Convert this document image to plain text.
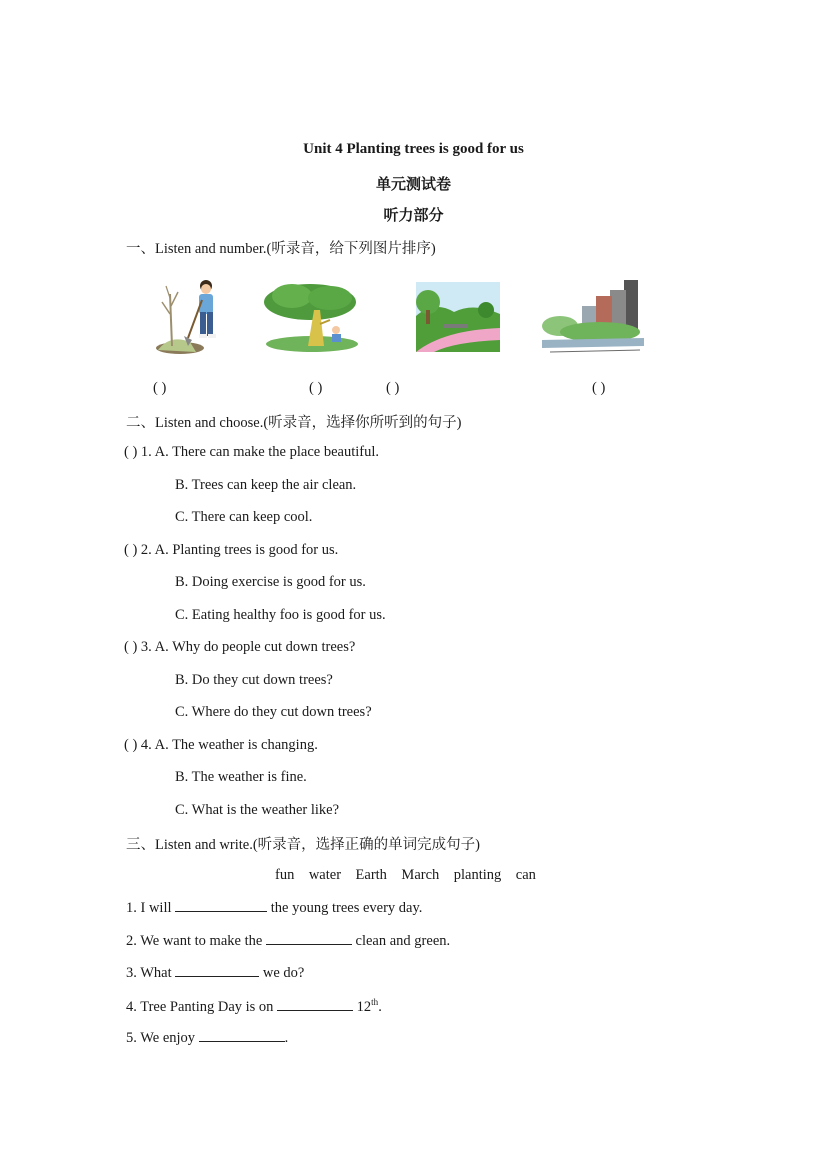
Unit 4 Planting trees is good for us
单元测试卷
听力部分
一、Listen and number.(听录音，给下列图片排序)
( )	( )	( )	( )
二、Listen and choose.(听录音，选择你所听到的句子)
( ) 1. A. There can make the place beautiful.
B. Trees can keep the air clean.
C. There can keep cool.
( ) 2. A. Planting trees is good for us.
B. Doing exercise is good for us.
C. Eating healthy foo is good for us.
( ) 3. A. Why do people cut down trees?
B. Do they cut down trees?
C. Where do they cut down trees?
( ) 4. A. The weather is changing.
B. The weather is fine.
C. What is the weather like?
三、Listen and write.(听录音，选择正确的单词完成句子)
fun    water    Earth    March    planting    can
1. I will	the young trees every day.
2. We want to make the	clean and green.
3. What	we do?
4. Tree Panting Day is on	12th.
5. We enjoy	.
